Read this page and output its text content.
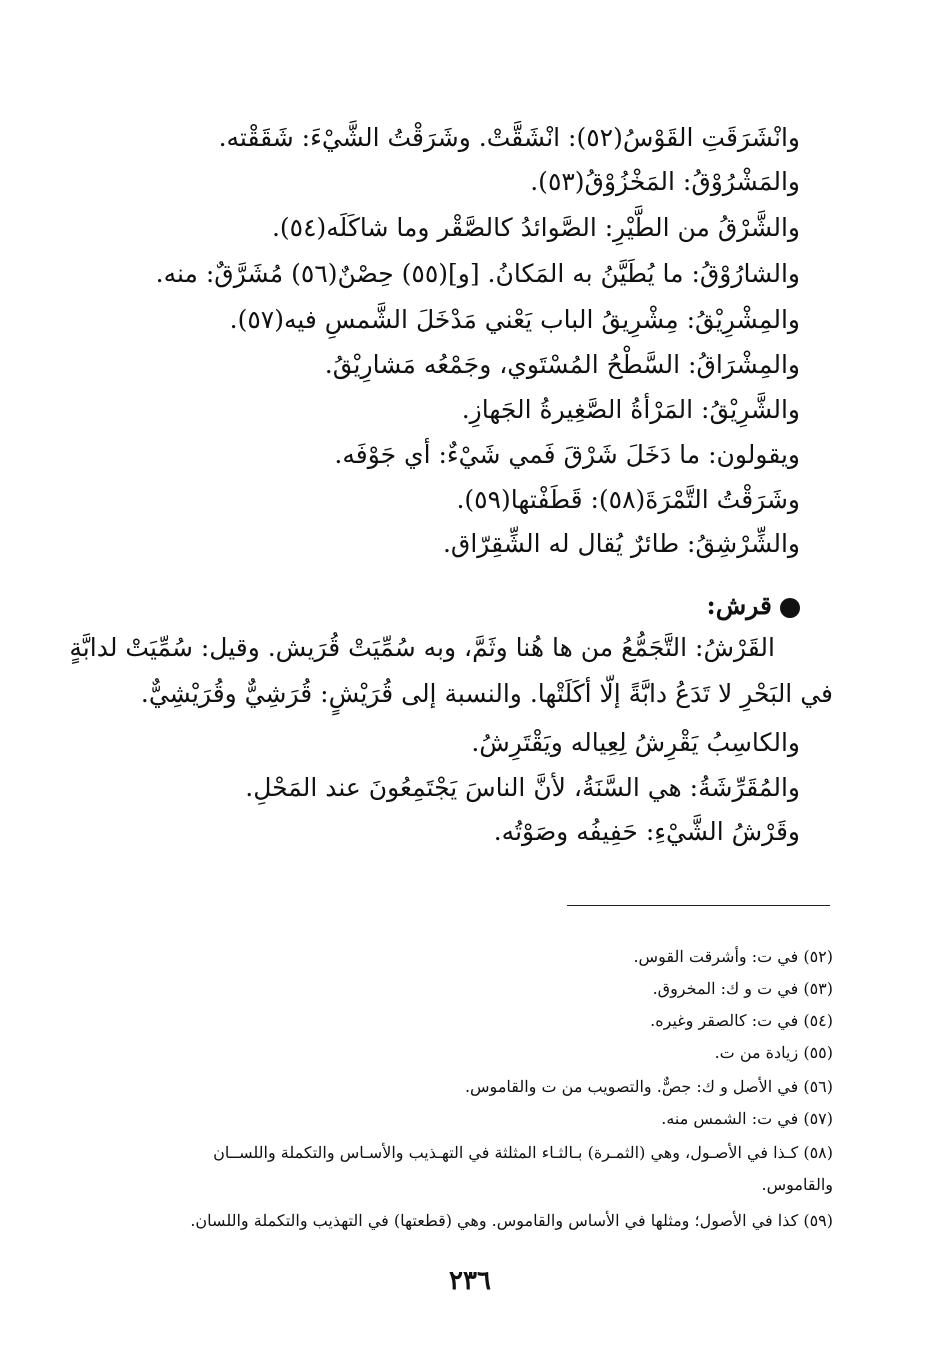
وانْشَرَقَتِ القَوْسُ(٥٢): انْشَقَّتْ. وشَرَقْتُ الشَّيْءَ: شَقَقْته.
والمَشْرُوْقُ: المَخْزُوْقُ(٥٣).
والشَّرْقُ من الطَّيْرِ: الصَّوائدُ كالصَّقْر وما شاكَلَه(٥٤).
والشارُوْقُ: ما يُطَيَّنُ به المَكانُ. [و](٥٥) حِصْنٌ(٥٦) مُشَرَّقٌ: منه.
والمِشْرِيْقُ: مِشْرِيقُ الباب يَعْني مَدْخَلَ الشَّمسِ فيه(٥٧).
والمِشْرَاقُ: السَّطْحُ المُسْتَوي، وجَمْعُه مَشارِيْقُ.
والشَّرِيْقُ: المَرْأةُ الصَّغِيرةُ الجَهازِ.
ويقولون: ما دَخَلَ شَرْقَ فَمي شَيْءٌ: أي جَوْفَه.
وشَرَقْتُ التَّمْرَةَ(٥٨): قَطَفْتها(٥٩).
والشِّرْشِقُ: طائرٌ يُقال له الشِّقِرّاق.
قرش:
القَرْشُ: التَّجَمُّعُ من ها هُنا وثَمَّ، وبه سُمِّيَتْ قُرَيش. وقيل: سُمِّيَتْ لدابَّةٍ
في البَحْرِ لا تَدَعُ دابَّةً إلّا أكَلَتْها. والنسبة إلى قُرَيْشٍ: قُرَشِيٌّ وقُرَيْشِيٌّ.
والكاسِبُ يَقْرِشُ لِعِياله ويَقْتَرِشُ.
والمُقَرِّشَةُ: هي السَّنَةُ، لأنَّ الناسَ يَجْتَمِعُونَ عند المَحْلِ.
وقَرْشُ الشَّيْءِ: حَفِيفُه وصَوْتُه.
(٥٢) في ت: وأشرقت القوس.
(٥٣) في ت و ك: المخروق.
(٥٤) في ت: كالصقر وغيره.
(٥٥) زيادة من ت.
(٥٦) في الأصل و ك: جصٌّ. والتصويب من ت والقاموس.
(٥٧) في ت: الشمس منه.
(٥٨) كـذا في الأصـول، وهي (الثمـرة) بـالثـاء المثلثة في التهـذيب والأسـاس والتكملة واللســان
والقاموس.
(٥٩) كذا في الأصول؛ ومثلها في الأساس والقاموس. وهي (قطعتها) في التهذيب والتكملة واللسان.
٢٣٦
